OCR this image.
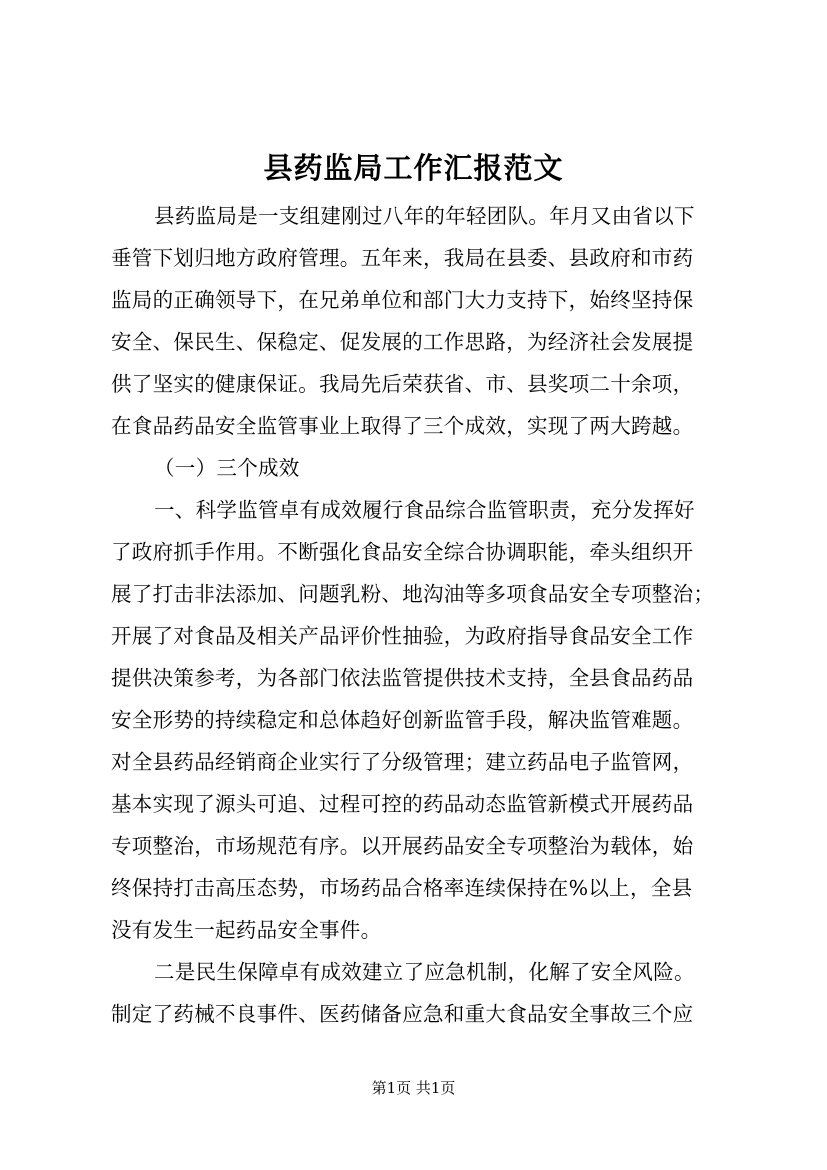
县药监局工作汇报范文
县药监局是一支组建刚过八年的年轻团队。年月又由省以下
垂管下划归地方政府管理。五年来，我局在县委、县政府和市药
监局的正确领导下，在兄弟单位和部门大力支持下，始终坚持保
安全、保民生、保稳定、促发展的工作思路，为经济社会发展提
供了坚实的健康保证。我局先后荣获省、市、县奖项二十余项，
在食品药品安全监管事业上取得了三个成效，实现了两大跨越。
（一）三个成效
一、科学监管卓有成效履行食品综合监管职责，充分发挥好
了政府抓手作用。不断强化食品安全综合协调职能，牵头组织开
展了打击非法添加、问题乳粉、地沟油等多项食品安全专项整治；
开展了对食品及相关产品评价性抽验，为政府指导食品安全工作
提供决策参考，为各部门依法监管提供技术支持，全县食品药品
安全形势的持续稳定和总体趋好创新监管手段，解决监管难题。
对全县药品经销商企业实行了分级管理；建立药品电子监管网，
基本实现了源头可追、过程可控的药品动态监管新模式开展药品
专项整治，市场规范有序。以开展药品安全专项整治为载体，始
终保持打击高压态势，市场药品合格率连续保持在%以上，全县
没有发生一起药品安全事件。
二是民生保障卓有成效建立了应急机制，化解了安全风险。
制定了药械不良事件、医药储备应急和重大食品安全事故三个应
第1页 共1页
